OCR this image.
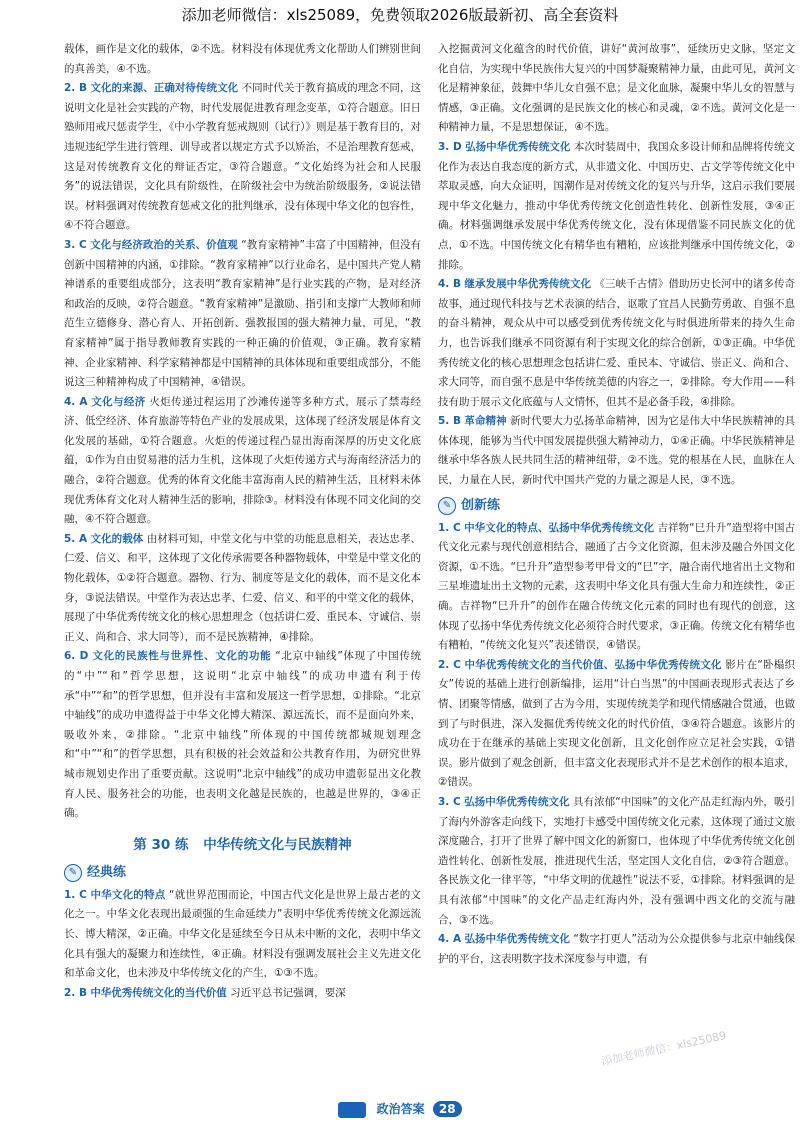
添加老师微信：xls25089，免费领取2026版最新初、高全套资料

载体，画作是文化的载体，②不选。材料没有体现优秀文化帮助人们辨别世间的真善美，④不选。

2. B 文化的来源、正确对待传统文化 不同时代关于教育搞成的理念不同，这说明文化是社会实践的产物，时代发展促进教育理念变革，①符合题意。旧日塾师用戒尺惩责学生，《中小学教育惩戒规则（试行）》则是基于教育目的，对违规违纪学生进行管理、训导或者以规定方式予以矫治，不是治理教育惩戒，这是对传统教育文化的辩证否定，③符合题意。“文化始终为社会和人民服务”的说法错误，文化具有阶级性，在阶级社会中为统治阶级服务，②说法错误。材料强调对传统教育惩戒文化的批判继承，没有体现中华文化的包容性，④不符合题意。

3. C 文化与经济政治的关系、价值观 “教育家精神”丰富了中国精神，但没有创新中国精神的内涵，①排除。“教育家精神”以行业命名，是中国共产党人精神谱系的重要组成部分，这表明“教育家精神”是行业实践的产物，是对经济和政治的反映，②符合题意。“教育家精神”是激励、指引和支撑广大教师和师范生立德修身、潜心育人、开拓创新、强教报国的强大精神力量，可见，“教育家精神”属于指导教师教育实践的一种正确的价值观，③正确。教育家精神、企业家精神、科学家精神都是中国精神的具体体现和重要组成部分，不能说这三种精神构成了中国精神，④错误。

4. A 文化与经济 火炬传递过程运用了沙滩传递等多种方式，展示了禁毒经济、低空经济、体育旅游等特色产业的发展成果，这体现了经济发展是体育文化发展的基础，①符合题意。火炬的传递过程凸显出海南深厚的历史文化底蕴，①作为自由贸易港的活力生机，这体现了火炬传递方式与海南经济活力的融合，②符合题意。优秀的体育文化能丰富海南人民的精神生活，且材料未体现优秀体育文化对人精神生活的影响，排除③。材料没有体现不同文化间的交融，④不符合题意。

5. A 文化的载体 由材料可知，中堂文化与中堂的功能息息相关，表达忠孝、仁爱、信义、和平，这体现了文化传承需要各种器物载体，中堂是中堂文化的物化载体，①②符合题意。器物、行为、制度等是文化的载体，而不是文化本身，③说法错误。中堂作为表达忠孝、仁爱、信义、和平的中堂文化的载体，展现了中华优秀传统文化的核心思想理念（包括讲仁爱、重民本、守诚信、崇正义、尚和合、求大同等），而不是民族精神，④排除。

6. D 文化的民族性与世界性、文化的功能 “北京中轴线”体现了中国传统的“中”“和”哲学思想，这说明“北京中轴线”的成功申遗有利于传承“中”“和”的哲学思想，但并没有丰富和发展这一哲学思想，①排除。“北京中轴线”的成功申遗得益于中华文化博大精深、源远流长，而不是面向外来，吸收外来，②排除。“北京中轴线”所体现的中国传统都城规划理念和“中”“和”的哲学思想，具有积极的社会效益和公共教育作用，为研究世界城市规划史作出了重要贡献。这说明“北京中轴线”的成功申遗彰显出文化教育人民、服务社会的功能，也表明文化越是民族的，也越是世界的，③④正确。

第 30 练 中华传统文化与民族精神
✎ 经典练

1. C 中华文化的特点 “就世界范围而论，中国古代文化是世界上最古老的文化之一。中华文化表现出最顽强的生命延续力”表明中华优秀传统文化源远流长、博大精深，②正确。中华文化是延续至今日从未中断的文化，表明中华文化具有强大的凝聚力和连续性，④正确。材料没有强调发展社会主义先进文化和革命文化，也未涉及中华传统文化的产生，①③不选。

2. B 中华优秀传统文化的当代价值 习近平总书记强调，要深

入挖掘黄河文化蕴含的时代价值，讲好“黄河故事”，延续历史文脉，坚定文化自信，为实现中华民族伟大复兴的中国梦凝聚精神力量，由此可见，黄河文化是精神象征，鼓舞中华儿女自强不息；是文化血脉，凝聚中华儿女的智慧与情感，③正确。文化强调的是民族文化的核心和灵魂，②不选。黄河文化是一种精神力量，不是思想保证，④不选。

3. D 弘扬中华优秀传统文化 本次时装周中，我国众多设计师和品牌将传统文化作为表达自我态度的新方式，从非遗文化、中国历史、古文学等传统文化中萃取灵感，向大众证明，国潮作是对传统文化的复兴与升华，这启示我们要展现中华文化魅力，推动中华优秀传统文化创造性转化、创新性发展，③④正确。材料强调继承发展中华优秀传统文化，没有体现借鉴不同民族文化的优点，①不选。中国传统文化有精华也有糟粕，应该批判继承中国传统文化，②排除。

4. B 继承发展中华优秀传统文化 《三峡千古情》借助历史长河中的诸多传奇故事，通过现代科技与艺术表演的结合，讴歌了宜昌人民勤劳勇敢、自强不息的奋斗精神，观众从中可以感受到优秀传统文化与时俱进所带来的持久生命力，也告诉我们继承不同资源有利于实现文化的综合创新，①③正确。中华优秀传统文化的核心思想理念包括讲仁爱、重民本、守诚信、崇正义、尚和合、求大同等，而自强不息是中华传统美德的内容之一，②排除。夸大作用——科技有助于展示文化底蕴与人文情怀，但其不是必备手段，④排除。

5. B 革命精神 新时代要大力弘扬革命精神，因为它是伟大中华民族精神的具体体现，能够为当代中国发展提供强大精神动力，①④正确。中华民族精神是继承中华各族人民共同生活的精神纽带，②不选。党的根基在人民，血脉在人民，力量在人民，新时代中国共产党的力量之源是人民，③不选。

✎ 创新练

1. C 中华文化的特点、弘扬中华优秀传统文化 吉祥物“巳升升”造型将中国古代文化元素与现代创意相结合，融通了古今文化资源，但未涉及融合外国文化资源，①不选。“巳升升”造型参考甲骨文的“巳”字，融合南代地省出土文物和三星堆遗址出土文物的元素，这表明中华文化具有强大生命力和连续性，②正确。吉祥物“巳升升”的创作在融合传统文化元素的同时也有现代的创意，这体现了弘扬中华优秀传统文化必须符合时代要求，③正确。传统文化有精华也有糟粕，“传统文化复兴”表述错误，④错误。

2. C 中华优秀传统文化的当代价值、弘扬中华优秀传统文化 影片在“卧榻织女”传说的基础上进行创新编排，运用“计白当黑”的中国画表现形式表达了乡情、团聚等情感，做到了古为今用，实现传统美学和现代情感融合贯通，也做到了与时俱进，深入发掘优秀传统文化的时代价值，③④符合题意。该影片的成功在于在继承的基础上实现文化创新，且文化创作应立足社会实践，①错误。影片做到了观念创新，但丰富文化表现形式并不是艺术创作的根本追求，②错误。

3. C 弘扬中华优秀传统文化 具有浓郁“中国味”的文化产品走红海内外，吸引了海内外游客走向线下，实地打卡感受中国传统文化元素，这体现了通过文旅深度融合，打开了世界了解中国文化的新窗口，也体现了中华优秀传统文化创造性转化、创新性发展，推进现代生活，坚定国人文化自信，②③符合题意。各民族文化一律平等，“中华文明的优越性”说法不妥，①排除。材料强调的是具有浓郁“中国味”的文化产品走红海内外，没有强调中西文化的交流与融合，③不选。

4. A 弘扬中华优秀传统文化 “数字打更人”活动为公众提供参与北京中轴线保护的平台，这表明数字技术深度参与申遗，有

添加老师微信：xls25089
政治答案 28
